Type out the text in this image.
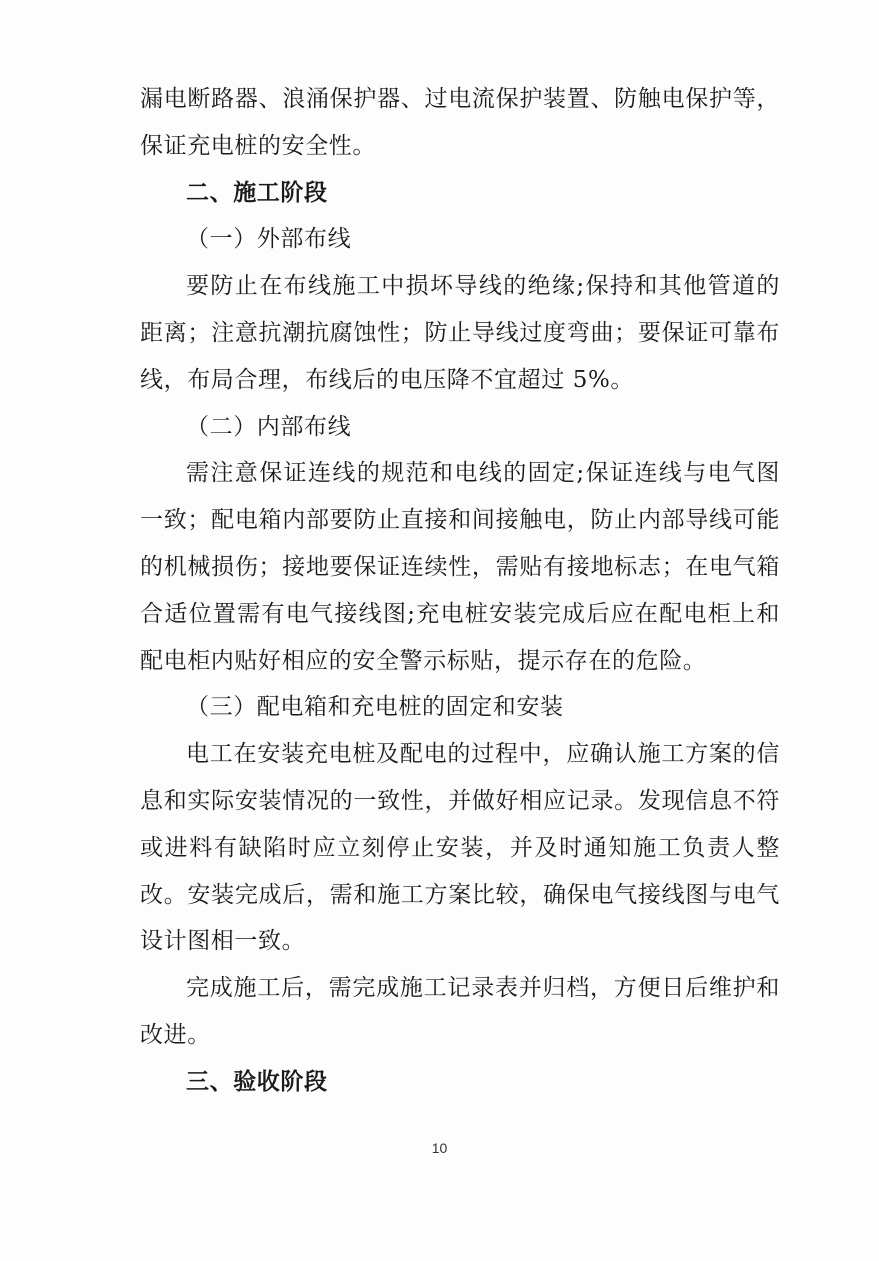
漏电断路器、浪涌保护器、过电流保护装置、防触电保护等，保证充电桩的安全性。

二、施工阶段

（一）外部布线

要防止在布线施工中损坏导线的绝缘;保持和其他管道的距离；注意抗潮抗腐蚀性；防止导线过度弯曲；要保证可靠布线，布局合理，布线后的电压降不宜超过 5%。

（二）内部布线

需注意保证连线的规范和电线的固定;保证连线与电气图一致；配电箱内部要防止直接和间接触电，防止内部导线可能的机械损伤；接地要保证连续性，需贴有接地标志；在电气箱合适位置需有电气接线图;充电桩安装完成后应在配电柜上和配电柜内贴好相应的安全警示标贴，提示存在的危险。

（三）配电箱和充电桩的固定和安装

电工在安装充电桩及配电的过程中，应确认施工方案的信息和实际安装情况的一致性，并做好相应记录。发现信息不符或进料有缺陷时应立刻停止安装，并及时通知施工负责人整改。安装完成后，需和施工方案比较，确保电气接线图与电气设计图相一致。

完成施工后，需完成施工记录表并归档，方便日后维护和改进。

三、验收阶段

10
